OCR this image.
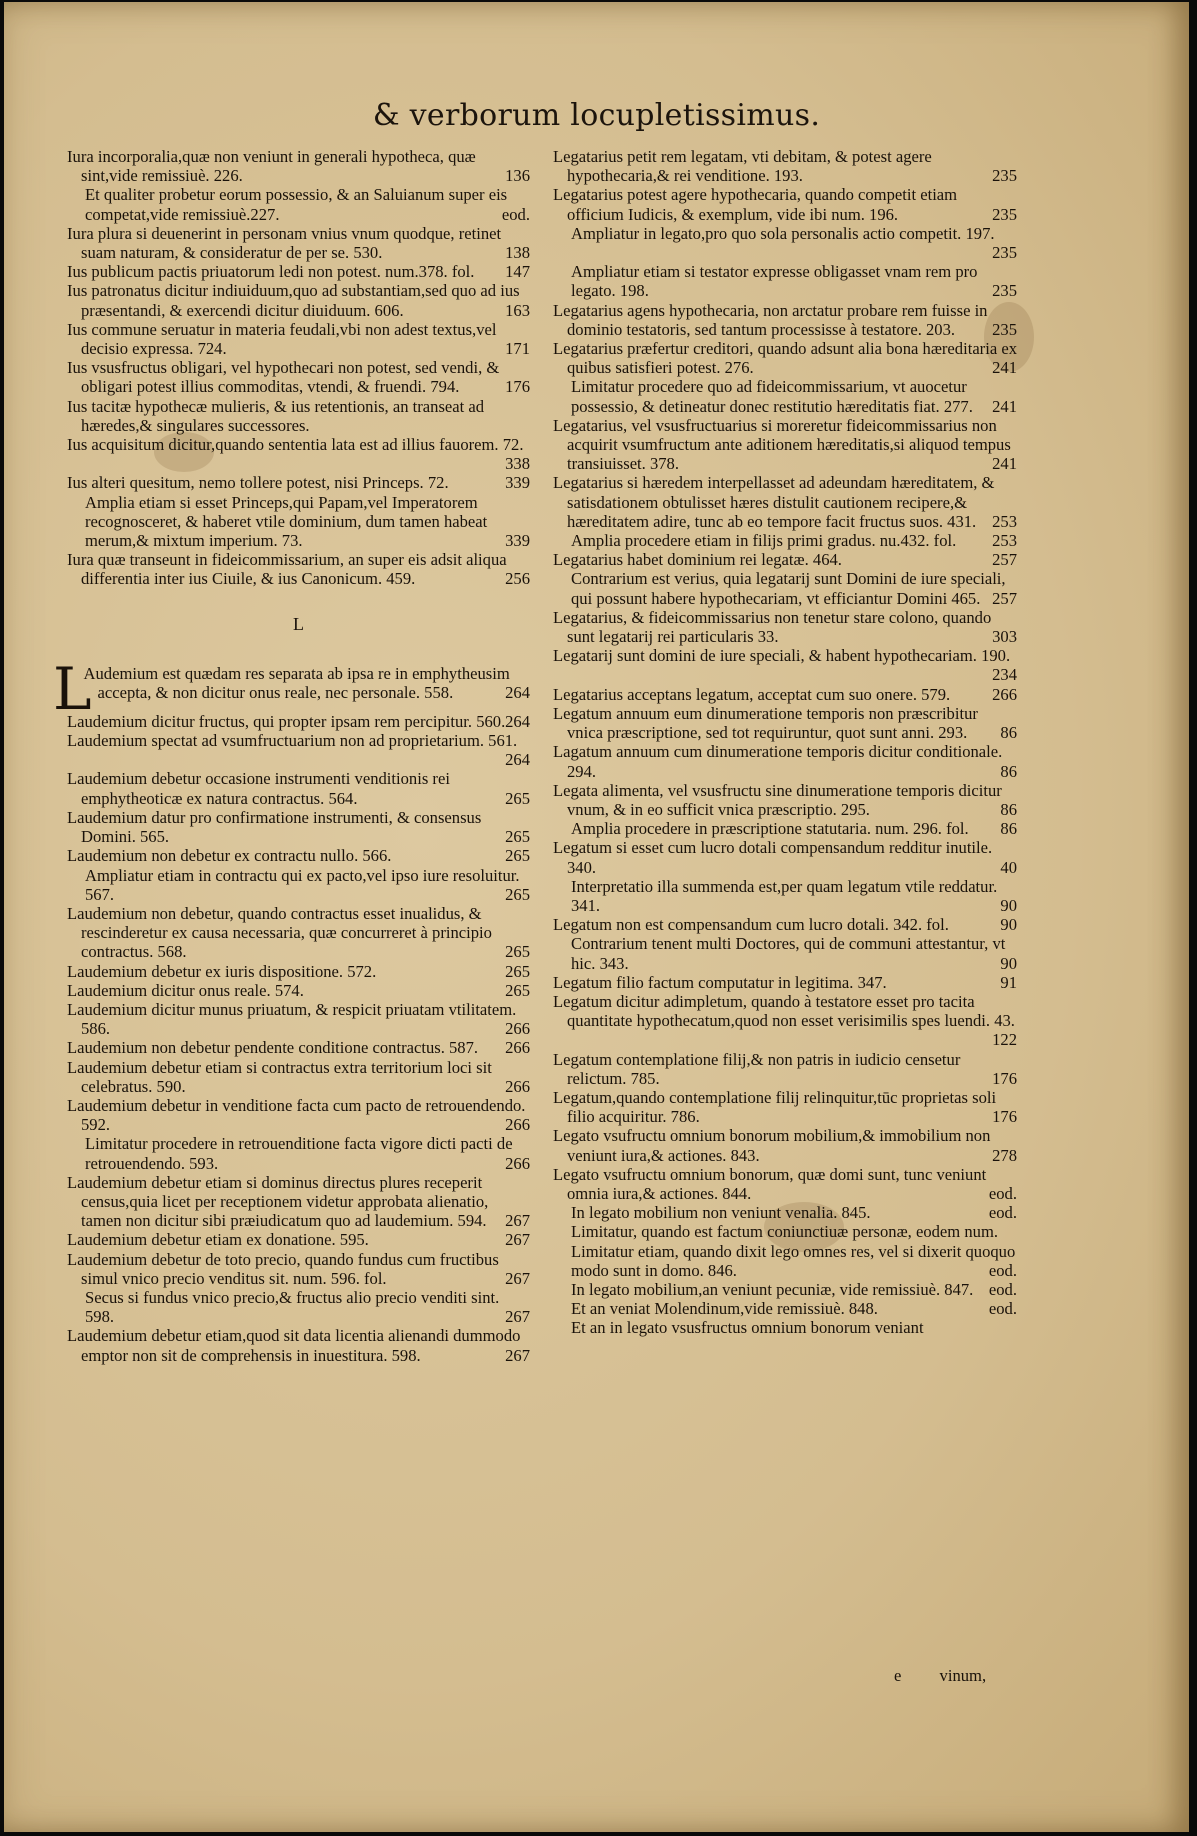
& verborum locupletissimus.
Iura incorporalia,quæ non veniunt in generali hypotheca, quæ sint,vide remissiuè. 226.	136
Et qualiter probetur eorum possessio, & an Saluianum super eis competat,vide remissiuè.227.	eod.
Iura plura si deuenerint in personam vnius vnum quodque, retinet suam naturam, & consideratur de per se. 530.	138
Ius publicum pactis priuatorum ledi non potest. num.378. fol. 147
Ius patronatus dicitur indiuiduum,quo ad substantiam,sed quo ad ius præsentandi, & exercendi dicitur diuiduum. 606.	163
Ius commune seruatur in materia feudali,vbi non adest textus,vel decisio expressa. 724.	171
Ius vsusfructus obligari, vel hypothecari non potest, sed vendi, & obligari potest illius commoditas, vtendi, & fruendi. 794.	176
Ius tacitæ hypothecæ mulieris, & ius retentionis, an transeat ad hæredes,& singulares successores.
Ius acquisitum dicitur,quando sententia lata est ad illius fauorem. 72.
338
Ius alteri quesitum, nemo tollere potest, nisi Princeps. 72.	339
Amplia etiam si esset Princeps,qui Papam,vel Imperatorem recognosceret, & haberet vtile dominium, dum tamen habeat merum,& mixtum imperium. 73.	339
Iura quæ transeunt in fideicommissarium, an super eis adsit aliqua differentia inter ius Ciuile, & ius Canonicum. 459.	256
L
L
Audemium est quædam res separata ab ipsa re in emphytheusim accepta, & non dicitur onus reale, nec personale. 558.	264
Laudemium dicitur fructus, qui propter ipsam rem percipitur. 560. 264
Laudemium spectat ad vsumfructuarium non ad proprietarium. 561.
264
Laudemium debetur occasione instrumenti venditionis rei emphytheoticæ ex natura contractus. 564.	265
Laudemium datur pro confirmatione instrumenti, & consensus Domini. 565.	265
Laudemium non debetur ex contractu nullo. 566.	265
Ampliatur etiam in contractu qui ex pacto,vel ipso iure resoluitur. 567.	265
Laudemium non debetur, quando contractus esset inualidus, & rescinderetur ex causa necessaria, quæ concurreret à principio contractus. 568.	265
Laudemium debetur ex iuris dispositione. 572.	265
Laudemium dicitur onus reale. 574.	265
Laudemium dicitur munus priuatum, & respicit priuatam vtilitatem. 586.	266
Laudemium non debetur pendente conditione contractus. 587. 266
Laudemium debetur etiam si contractus extra territorium loci sit celebratus. 590.	266
Laudemium debetur in venditione facta cum pacto de retrouendendo. 592.	266
Limitatur procedere in retrouenditione facta vigore dicti pacti de retrouendendo. 593.	266
Laudemium debetur etiam si dominus directus plures receperit census,quia licet per receptionem videtur approbata alienatio, tamen non dicitur sibi præiudicatum quo ad laudemium. 594. 267
Laudemium debetur etiam ex donatione. 595.	267
Laudemium debetur de toto precio, quando fundus cum fructibus simul vnico precio venditus sit. num. 596. fol.	267
Secus si fundus vnico precio,& fructus alio precio venditi sint. 598.	267
Laudemium debetur etiam,quod sit data licentia alienandi dummodo emptor non sit de comprehensis in inuestitura. 598.	267
Legatarius petit rem legatam, vti debitam, & potest agere hypothecaria,& rei venditione. 193.	235
Legatarius potest agere hypothecaria, quando competit etiam officium Iudicis, & exemplum, vide ibi num. 196.	235
Ampliatur in legato,pro quo sola personalis actio competit. 197.
235
Ampliatur etiam si testator expresse obligasset vnam rem pro legato. 198.	235
Legatarius agens hypothecaria, non arctatur probare rem fuisse in dominio testatoris, sed tantum processisse à testatore. 203. 235
Legatarius præfertur creditori, quando adsunt alia bona hæreditaria ex quibus satisfieri potest. 276.	241
Limitatur procedere quo ad fideicommissarium, vt auocetur possessio, & detineatur donec restitutio hæreditatis fiat. 277.	241
Legatarius, vel vsusfructuarius si moreretur fideicommissarius non acquirit vsumfructum ante aditionem hæreditatis,si aliquod tempus transiuisset. 378.	241
Legatarius si hæredem interpellasset ad adeundam hæreditatem, & satisdationem obtulisset hæres distulit cautionem recipere,& hæreditatem adire, tunc ab eo tempore facit fructus suos. 431. 253
Amplia procedere etiam in filijs primi gradus. nu.432. fol.	253
Legatarius habet dominium rei legatæ. 464.	257
Contrarium est verius, quia legatarij sunt Domini de iure speciali, qui possunt habere hypothecariam, vt efficiantur Domini 465. 257
Legatarius, & fideicommissarius non tenetur stare colono, quando sunt legatarij rei particularis 33.	303
Legatarij sunt domini de iure speciali, & habent hypothecariam. 190.
234
Legatarius acceptans legatum, acceptat cum suo onere. 579.	266
Legatum annuum eum dinumeratione temporis non præscribitur vnica præscriptione, sed tot requiruntur, quot sunt anni. 293. 86
Lagatum annuum cum dinumeratione temporis dicitur conditionale. 294.	86
Legata alimenta, vel vsusfructu sine dinumeratione temporis dicitur vnum, & in eo sufficit vnica præscriptio. 295.	86
Amplia procedere in præscriptione statutaria. num. 296. fol.	86
Legatum si esset cum lucro dotali compensandum redditur inutile. 340.	40
Interpretatio illa summenda est,per quam legatum vtile reddatur. 341.	90
Legatum non est compensandum cum lucro dotali. 342. fol.	90
Contrarium tenent multi Doctores, qui de communi attestantur, vt hic. 343.	90
Legatum filio factum computatur in legitima. 347.	91
Legatum dicitur adimpletum, quando à testatore esset pro tacita quantitate hypothecatum,quod non esset verisimilis spes luendi. 43.
122
Legatum contemplatione filij,& non patris in iudicio censetur relictum. 785.	176
Legatum,quando contemplatione filij relinquitur,tūc proprietas soli filio acquiritur. 786.	176
Legato vsufructu omnium bonorum mobilium,& immobilium non veniunt iura,& actiones. 843.	278
Legato vsufructu omnium bonorum, quæ domi sunt, tunc veniunt omnia iura,& actiones. 844.	eod.
In legato mobilium non veniunt venalia. 845.	eod.
Limitatur, quando est factum coniunctiuæ personæ, eodem num.
Limitatur etiam, quando dixit lego omnes res, vel si dixerit quoquo modo sunt in domo. 846.	eod.
In legato mobilium,an veniunt pecuniæ, vide remissiuè. 847. eod.
Et an veniat Molendinum,vide remissiuè. 848.	eod.
Et an in legato vsusfructus omnium bonorum veniant
e vinum,
